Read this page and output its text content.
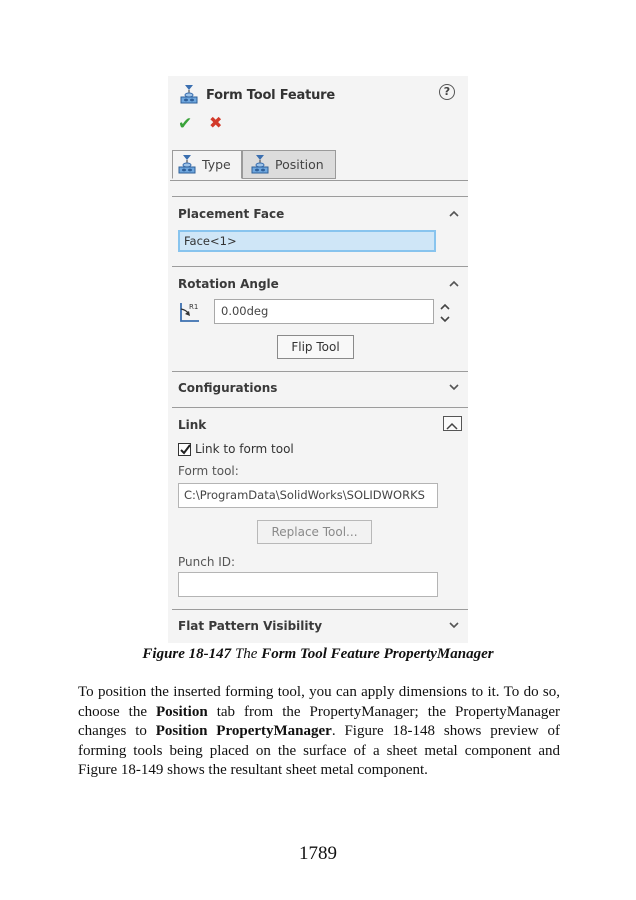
Form Tool Feature	?
✔ ✖
Type	Position
Placement Face
Face<1>
Rotation Angle
R1	0.00deg
Flip Tool
Configurations
Link
Link to form tool
Form tool:
C:\ProgramData\SolidWorks\SOLIDWORKS
Replace Tool...
Punch ID:
Flat Pattern Visibility
Figure 18-147 The Form Tool Feature PropertyManager

To position the inserted forming tool, you can apply dimensions to it. To do so, choose the Position tab from the PropertyManager; the PropertyManager changes to Position PropertyManager. Figure 18-148 shows preview of forming tools being placed on the surface of a sheet metal component and Figure 18-149 shows the resultant sheet metal component.

1789
